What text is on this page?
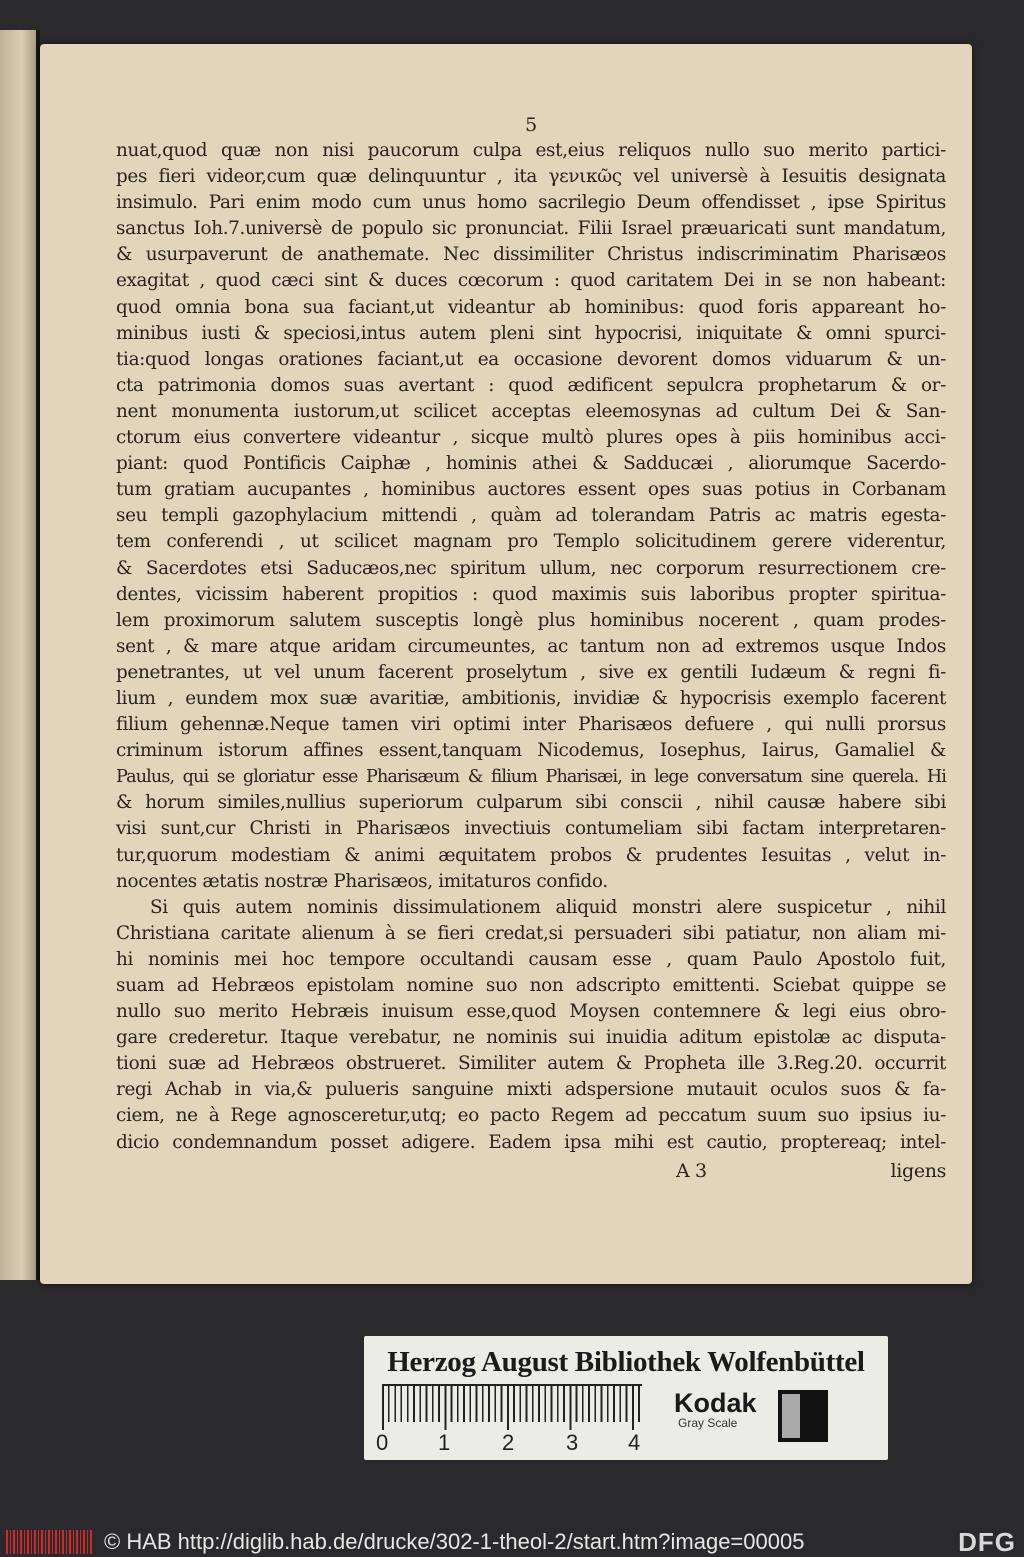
5
nuat,quod quæ non nisi paucorum culpa est,eius reliquos nullo suo merito partici-
pes fieri videor,cum quæ delinquuntur , ita γενικῶς vel universè à Iesuitis designata
insimulo. Pari enim modo cum unus homo sacrilegio Deum offendisset , ipse Spiritus
sanctus Ioh.7.universè de populo sic pronunciat. Filii Israel præuaricati sunt mandatum,
& usurpaverunt de anathemate. Nec dissimiliter Christus indiscriminatim Pharisæos
exagitat , quod cæci sint & duces cœcorum : quod caritatem Dei in se non habeant:
quod omnia bona sua faciant,ut videantur ab hominibus: quod foris appareant ho-
minibus iusti & speciosi,intus autem pleni sint hypocrisi, iniquitate & omni spurci-
tia:quod longas orationes faciant,ut ea occasione devorent domos viduarum & un-
cta patrimonia domos suas avertant : quod ædificent sepulcra prophetarum & or-
nent monumenta iustorum,ut scilicet acceptas eleemosynas ad cultum Dei & San-
ctorum eius convertere videantur , sicque multò plures opes à piis hominibus acci-
piant: quod Pontificis Caiphæ , hominis athei & Sadducæi , aliorumque Sacerdo-
tum gratiam aucupantes , hominibus auctores essent opes suas potius in Corbanam
seu templi gazophylacium mittendi , quàm ad tolerandam Patris ac matris egesta-
tem conferendi , ut scilicet magnam pro Templo solicitudinem gerere viderentur,
& Sacerdotes etsi Saducæos,nec spiritum ullum, nec corporum resurrectionem cre-
dentes, vicissim haberent propitios : quod maximis suis laboribus propter spiritua-
lem proximorum salutem susceptis longè plus hominibus nocerent , quam prodes-
sent , & mare atque aridam circumeuntes, ac tantum non ad extremos usque Indos
penetrantes, ut vel unum facerent proselytum , sive ex gentili Iudæum & regni fi-
lium , eundem mox suæ avaritiæ, ambitionis, invidiæ & hypocrisis exemplo facerent
filium gehennæ.Neque tamen viri optimi inter Pharisæos defuere , qui nulli prorsus
criminum istorum affines essent,tanquam Nicodemus, Iosephus, Iairus, Gamaliel &
Paulus, qui se gloriatur esse Pharisæum & filium Pharisæi, in lege conversatum sine querela. Hi
& horum similes,nullius superiorum culparum sibi conscii , nihil causæ habere sibi
visi sunt,cur Christi in Pharisæos invectiuis contumeliam sibi factam interpretaren-
tur,quorum modestiam & animi æquitatem probos & prudentes Iesuitas , velut in-
nocentes ætatis nostræ Pharisæos, imitaturos confido.
Si quis autem nominis dissimulationem aliquid monstri alere suspicetur , nihil
Christiana caritate alienum à se fieri credat,si persuaderi sibi patiatur, non aliam mi-
hi nominis mei hoc tempore occultandi causam esse , quam Paulo Apostolo fuit,
suam ad Hebræos epistolam nomine suo non adscripto emittenti. Sciebat quippe se
nullo suo merito Hebræis inuisum esse,quod Moysen contemnere & legi eius obro-
gare crederetur. Itaque verebatur, ne nominis sui inuidia aditum epistolæ ac disputa-
tioni suæ ad Hebræos obstrueret. Similiter autem & Propheta ille 3.Reg.20. occurrit
regi Achab in via,& pulueris sanguine mixti adspersione mutauit oculos suos & fa-
ciem, ne à Rege agnosceretur,utq; eo pacto Regem ad peccatum suum suo ipsius iu-
dicio condemnandum posset adigere. Eadem ipsa mihi est cautio, proptereaq; intel-
A 3	ligens
Herzog August Bibliothek Wolfenbüttel
0 1 2 3 4
Kodak
Gray Scale
© HAB http://diglib.hab.de/drucke/302-1-theol-2/start.htm?image=00005	DFG
